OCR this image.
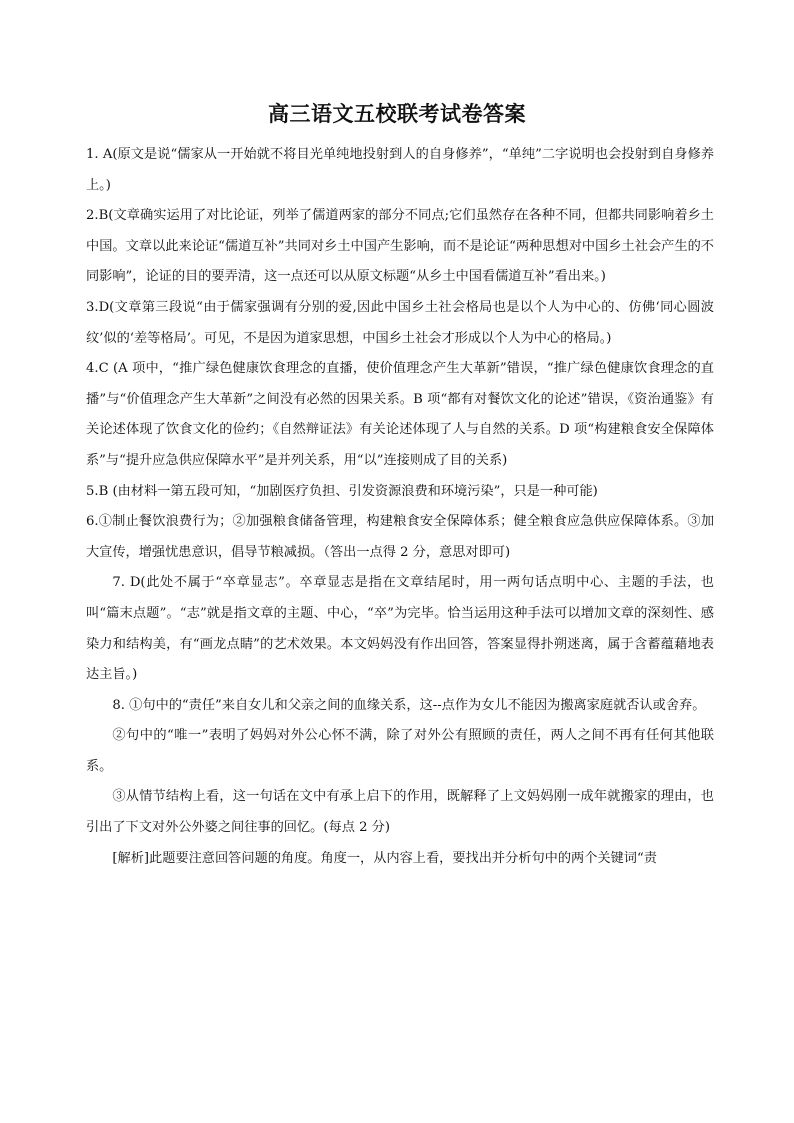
高三语文五校联考试卷答案

1. A(原文是说“儒家从一开始就不将目光单纯地投射到人的自身修养”，“单纯”二字说明也会投射到自身修养上。)

2.B(文章确实运用了对比论证，列举了儒道两家的部分不同点;它们虽然存在各种不同，但都共同影响着乡土中国。文章以此来论证“儒道互补”共同对乡土中国产生影响，而不是论证“两种思想对中国乡土社会产生的不同影响”，论证的目的要弄清，这一点还可以从原文标题“从乡土中国看儒道互补”看出来。)

3.D(文章第三段说“由于儒家强调有分别的爱,因此中国乡土社会格局也是以个人为中心的、仿佛‘同心圆波纹’似的‘差等格局’。可见，不是因为道家思想，中国乡土社会才形成以个人为中心的格局。)

4.C (A 项中，“推广绿色健康饮食理念的直播，使价值理念产生大革新”错误，“推广绿色健康饮食理念的直播”与“价值理念产生大革新”之间没有必然的因果关系。B 项“都有对餐饮文化的论述”错误，《资治通鉴》有关论述体现了饮食文化的俭约；《自然辩证法》有关论述体现了人与自然的关系。D 项“构建粮食安全保障体系”与“提升应急供应保障水平”是并列关系，用“以”连接则成了目的关系)

5.B (由材料一第五段可知，“加剧医疗负担、引发资源浪费和环境污染”，只是一种可能)

6.①制止餐饮浪费行为；②加强粮食储备管理，构建粮食安全保障体系；健全粮食应急供应保障体系。③加大宣传，增强忧患意识，倡导节粮减损。（答出一点得 2 分，意思对即可)

7. D(此处不属于“卒章显志”。卒章显志是指在文章结尾时，用一两句话点明中心、主题的手法，也叫“篇末点题”。“志”就是指文章的主题、中心，“卒”为完毕。恰当运用这种手法可以增加文章的深刻性、感染力和结构美，有“画龙点睛”的艺术效果。本文妈妈没有作出回答，答案显得扑朔迷离，属于含蓄蕴藉地表达主旨。)

8. ①句中的“责任”来自女儿和父亲之间的血缘关系，这--点作为女儿不能因为搬离家庭就否认或舍弃。

②句中的“唯一”表明了妈妈对外公心怀不满，除了对外公有照顾的责任，两人之间不再有任何其他联系。

③从情节结构上看，这一句话在文中有承上启下的作用，既解释了上文妈妈刚一成年就搬家的理由，也引出了下文对外公外婆之间往事的回忆。(每点 2 分)

[解析]此题要注意回答问题的角度。角度一，从内容上看，要找出并分析句中的两个关键词“责
